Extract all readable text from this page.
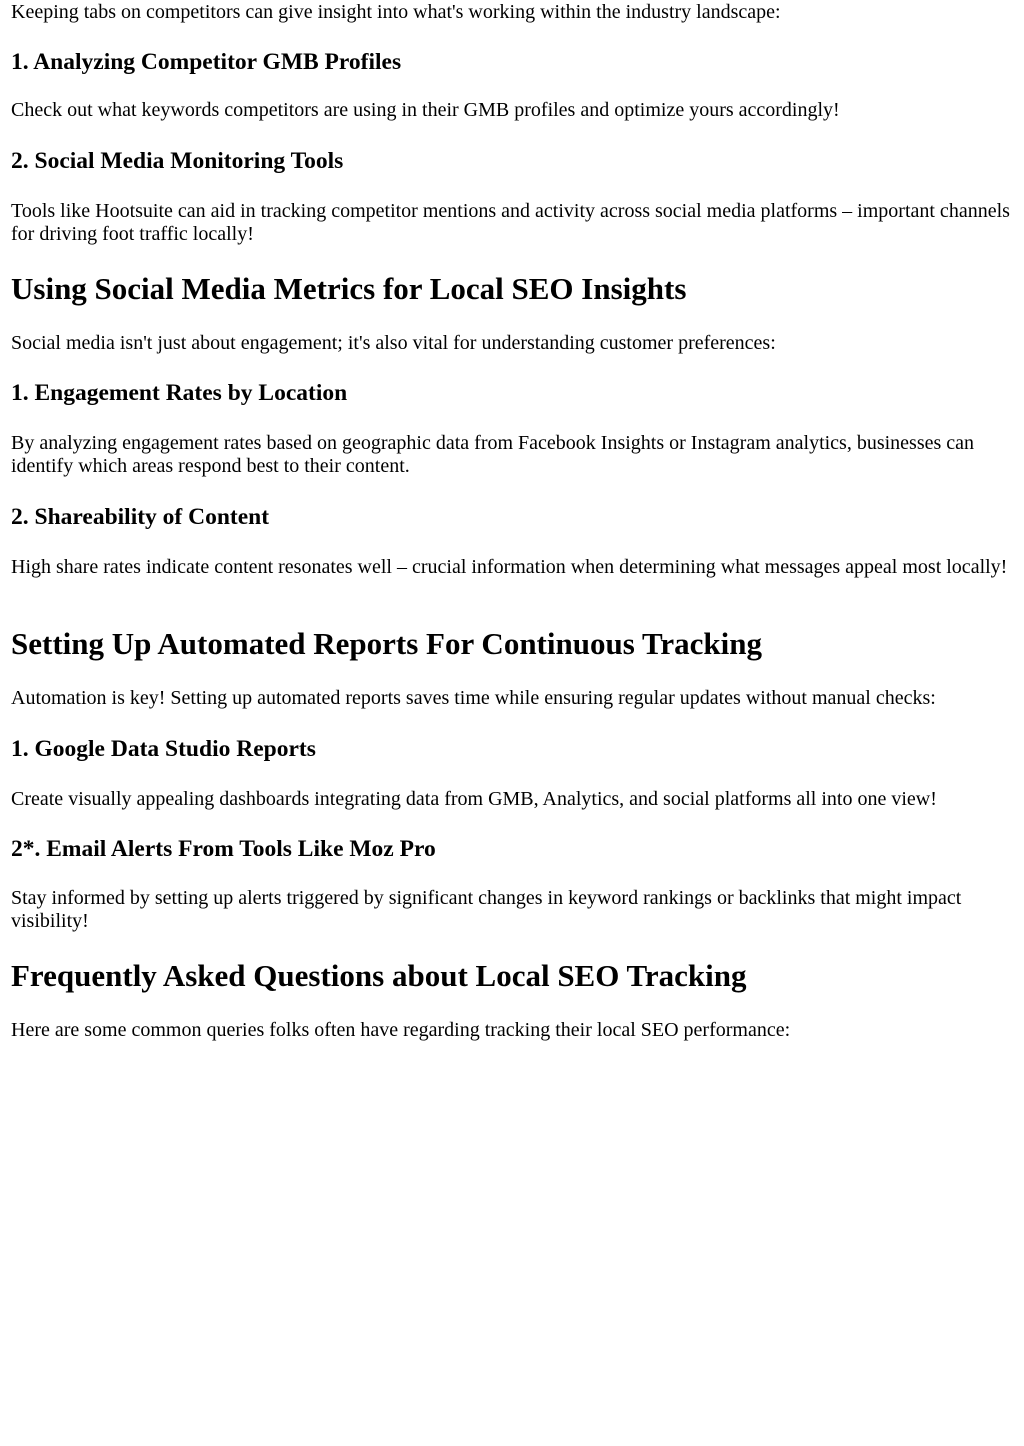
Keeping tabs on competitors can give insight into what's working within the industry landscape:

1. Analyzing Competitor GMB Profiles

Check out what keywords competitors are using in their GMB profiles and optimize yours accordingly!

2. Social Media Monitoring Tools

Tools like Hootsuite can aid in tracking competitor mentions and activity across social media platforms – important channels for driving foot traffic locally!

Using Social Media Metrics for Local SEO Insights

Social media isn't just about engagement; it's also vital for understanding customer preferences:

1. Engagement Rates by Location

By analyzing engagement rates based on geographic data from Facebook Insights or Instagram analytics, businesses can identify which areas respond best to their content.

2. Shareability of Content

High share rates indicate content resonates well – crucial information when determining what messages appeal most locally!

Setting Up Automated Reports For Continuous Tracking

Automation is key! Setting up automated reports saves time while ensuring regular updates without manual checks:

1. Google Data Studio Reports

Create visually appealing dashboards integrating data from GMB, Analytics, and social platforms all into one view!

2*. Email Alerts From Tools Like Moz Pro

Stay informed by setting up alerts triggered by significant changes in keyword rankings or backlinks that might impact visibility!

Frequently Asked Questions about Local SEO Tracking

Here are some common queries folks often have regarding tracking their local SEO performance:
